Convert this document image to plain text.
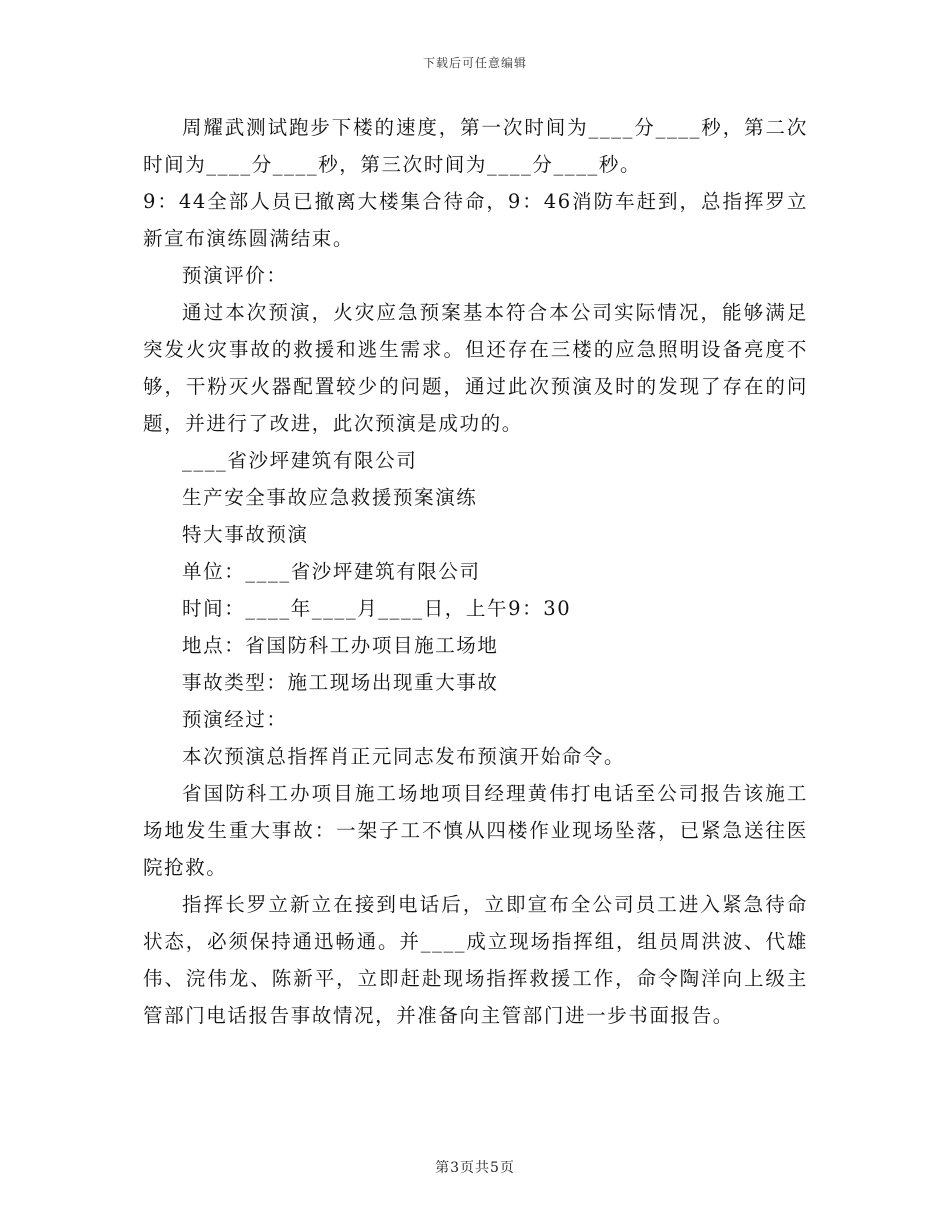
下载后可任意编辑

周耀武测试跑步下楼的速度，第一次时间为____分____秒，第二次时间为____分____秒，第三次时间为____分____秒。

9：44全部人员已撤离大楼集合待命，9：46消防车赶到，总指挥罗立新宣布演练圆满结束。

预演评价：

通过本次预演，火灾应急预案基本符合本公司实际情况，能够满足突发火灾事故的救援和逃生需求。但还存在三楼的应急照明设备亮度不够，干粉灭火器配置较少的问题，通过此次预演及时的发现了存在的问题，并进行了改进，此次预演是成功的。

____省沙坪建筑有限公司

生产安全事故应急救援预案演练

特大事故预演

单位：____省沙坪建筑有限公司

时间：____年____月____日，上午9：30

地点：省国防科工办项目施工场地

事故类型：施工现场出现重大事故

预演经过：

本次预演总指挥肖正元同志发布预演开始命令。

省国防科工办项目施工场地项目经理黄伟打电话至公司报告该施工场地发生重大事故：一架子工不慎从四楼作业现场坠落，已紧急送往医院抢救。

指挥长罗立新立在接到电话后，立即宣布全公司员工进入紧急待命状态，必须保持通迅畅通。并____成立现场指挥组，组员周洪波、代雄伟、浣伟龙、陈新平，立即赶赴现场指挥救援工作，命令陶洋向上级主管部门电话报告事故情况，并准备向主管部门进一步书面报告。

第3页共5页
